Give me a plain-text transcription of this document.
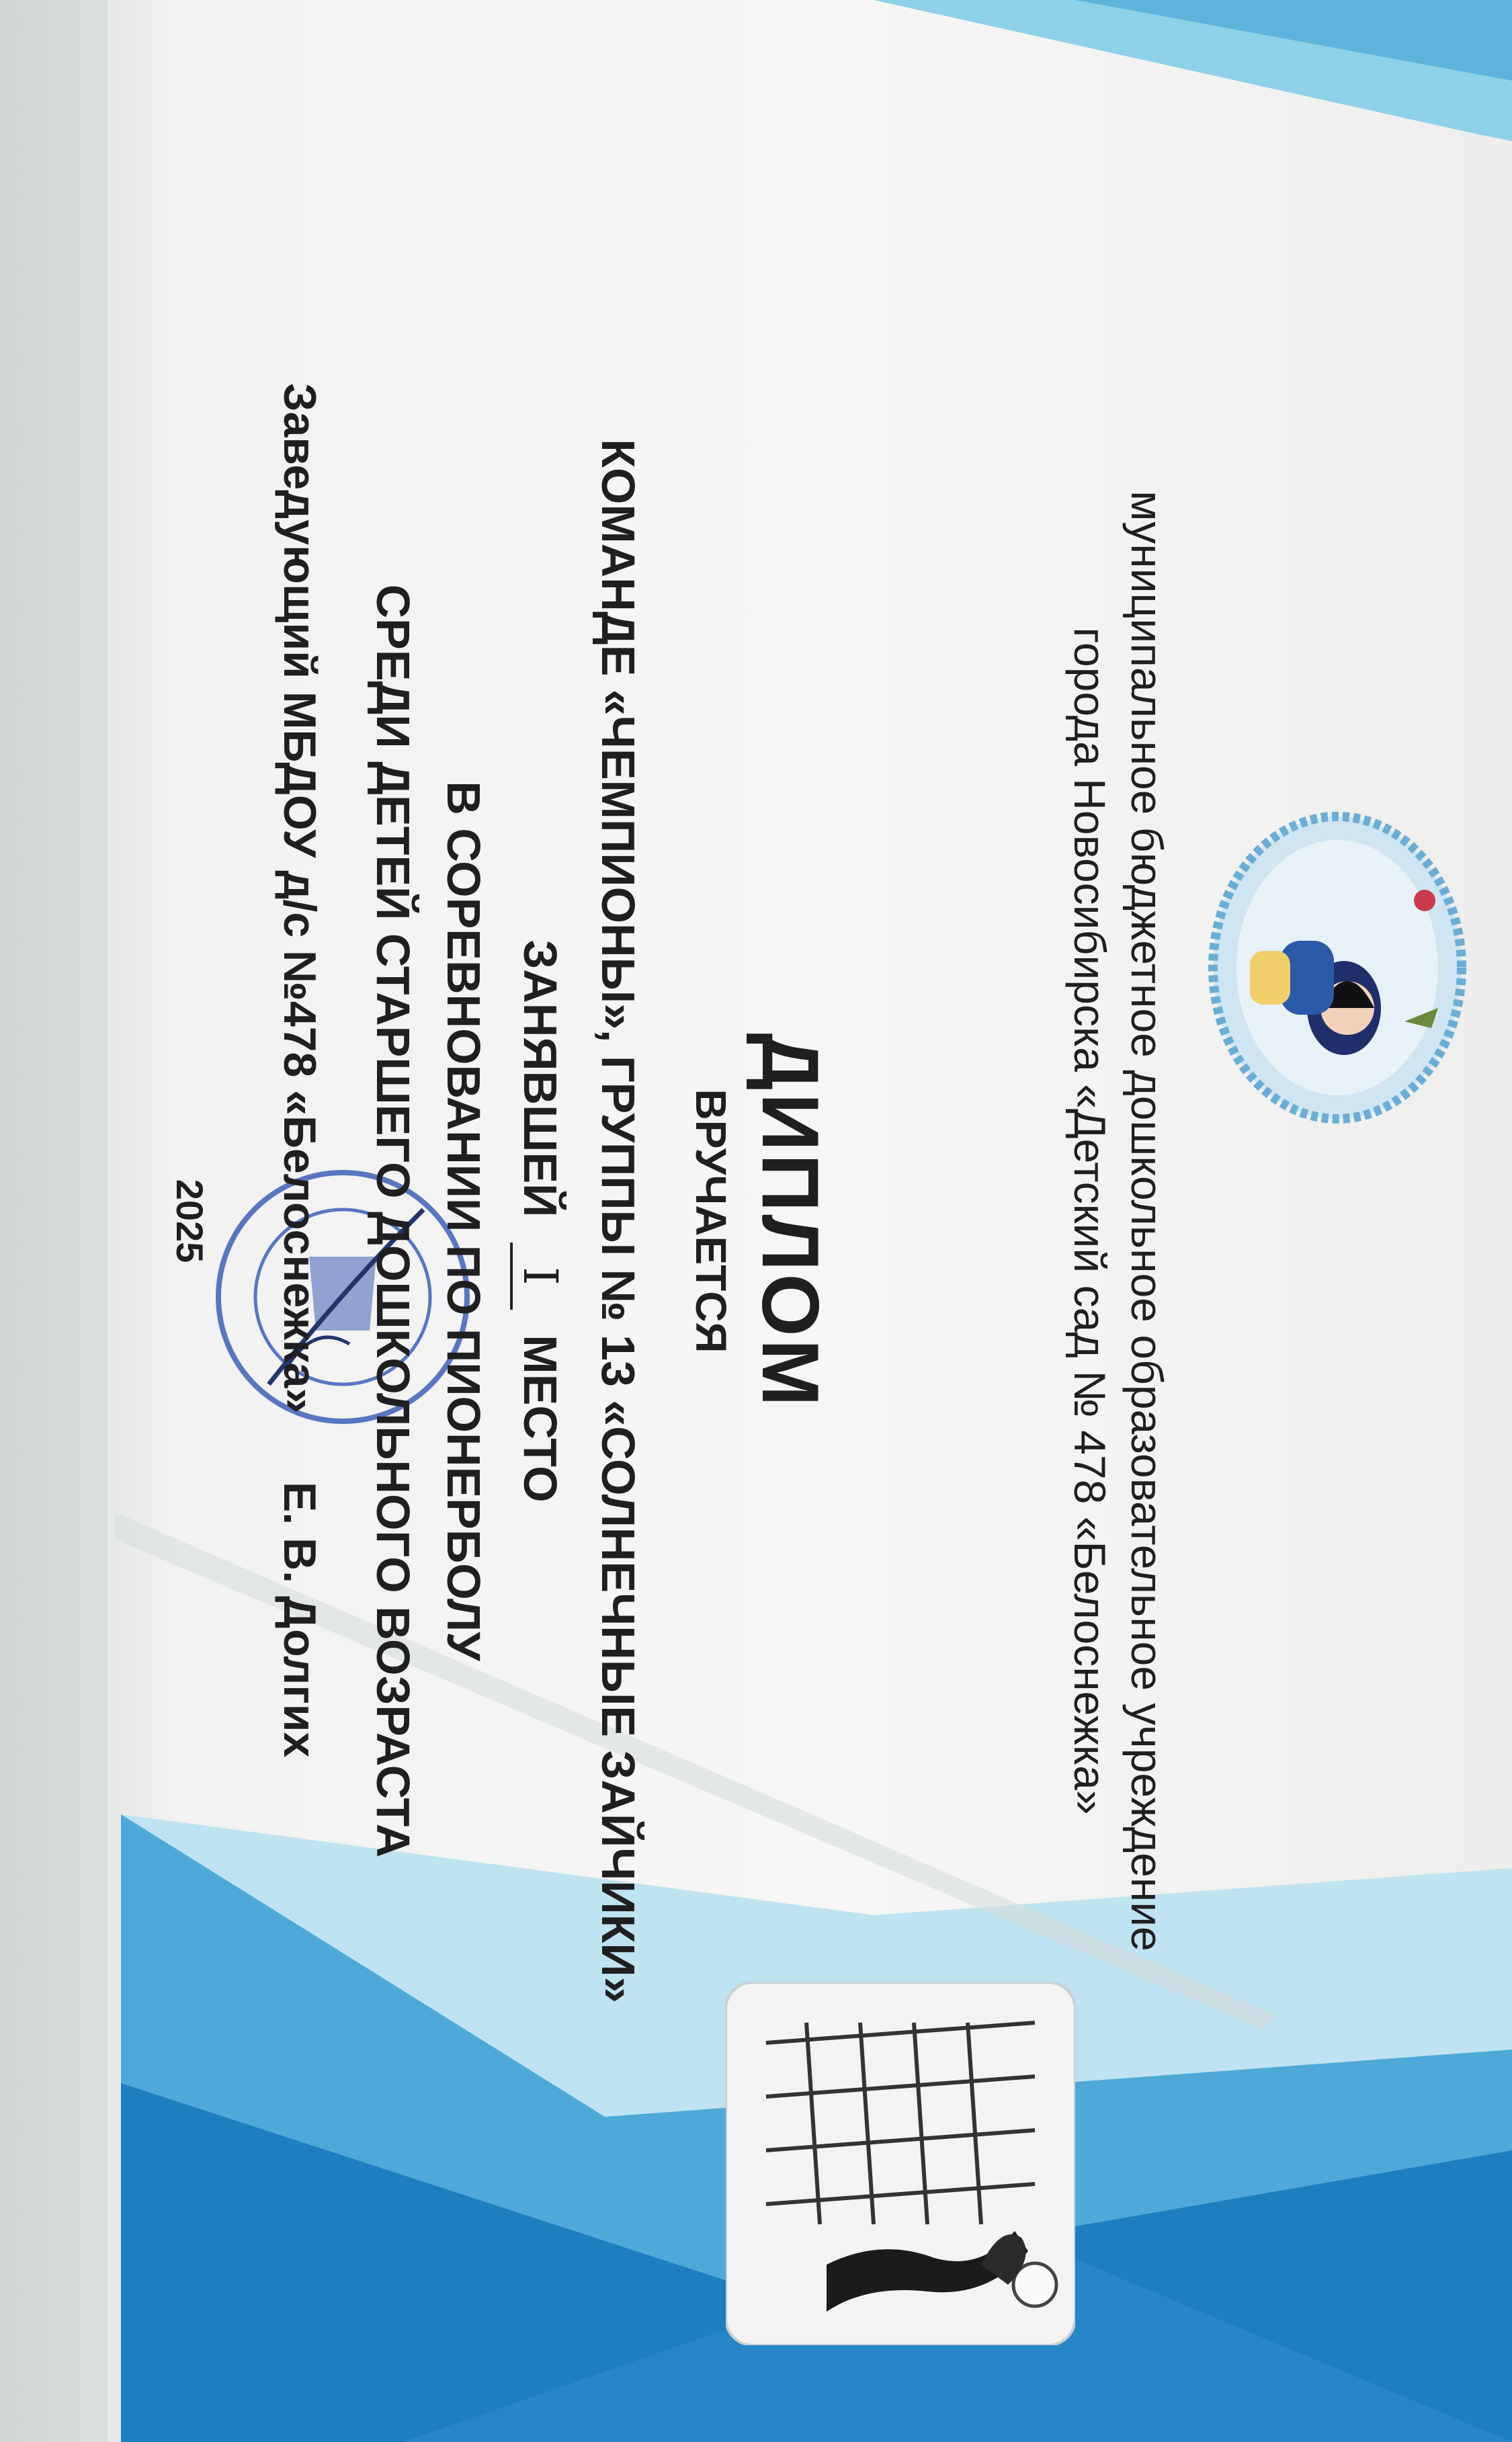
муниципальное бюджетное дошкольное образовательное учреждение
города Новосибирска «Детский сад № 478 «Белоснежка»
ДИПЛОМ
ВРУЧАЕТСЯ
КОМАНДЕ «ЧЕМПИОНЫ», ГРУППЫ № 13 «СОЛНЕЧНЫЕ ЗАЙЧИКИ»
ЗАНЯВШЕЙ I МЕСТО
В СОРЕВНОВАНИИ ПО ПИОНЕРБОЛУ
СРЕДИ ДЕТЕЙ СТАРШЕГО ДОШКОЛЬНОГО ВОЗРАСТА
Заведующий МБДОУ д/с №478 «Белоснежка»
Е. В. Долгих
2025
